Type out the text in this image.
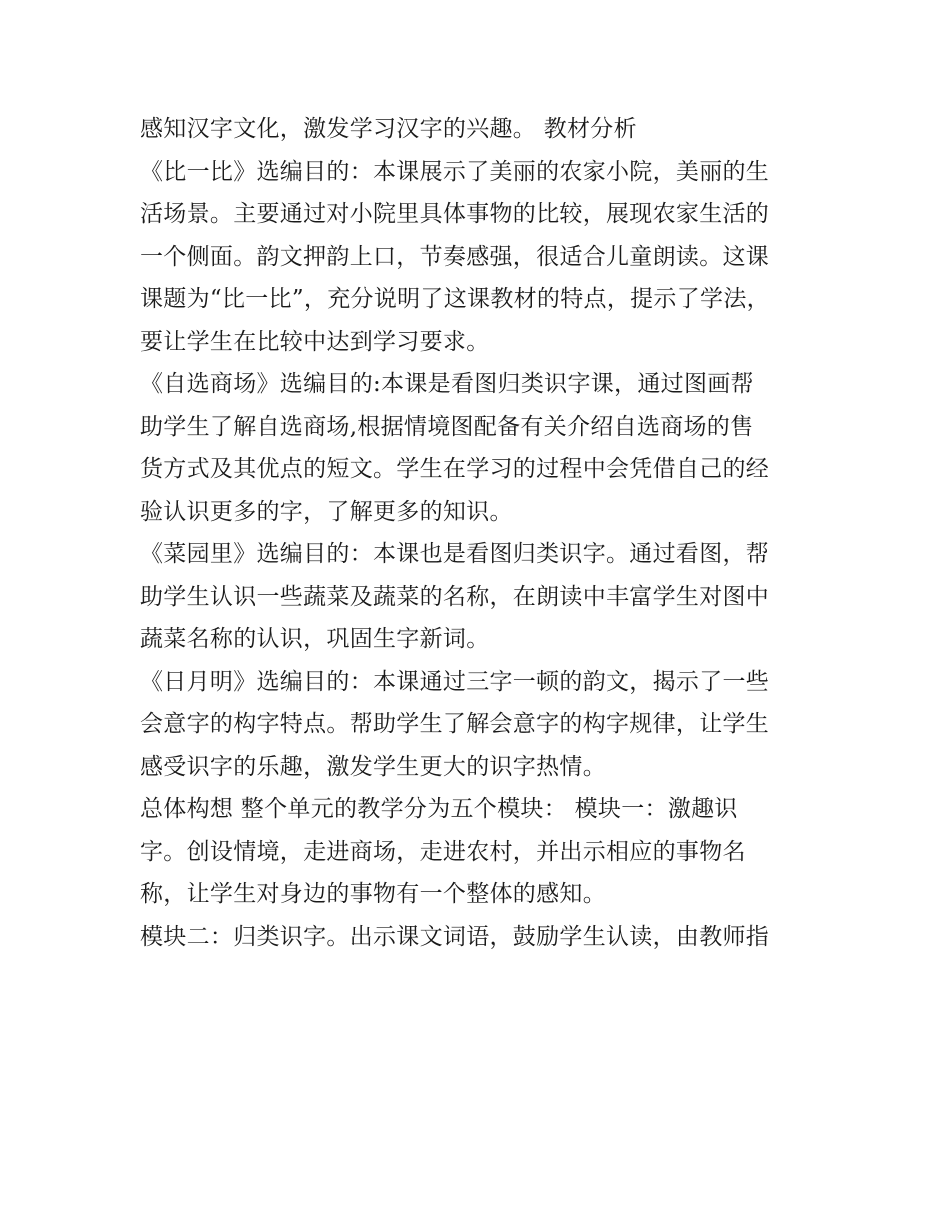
感知汉字文化，激发学习汉字的兴趣。 教材分析
《比一比》选编目的：本课展示了美丽的农家小院，美丽的生
活场景。主要通过对小院里具体事物的比较，展现农家生活的
一个侧面。韵文押韵上口，节奏感强，很适合儿童朗读。这课
课题为“比一比”，充分说明了这课教材的特点，提示了学法，
要让学生在比较中达到学习要求。
《自选商场》选编目的:本课是看图归类识字课，通过图画帮
助学生了解自选商场,根据情境图配备有关介绍自选商场的售
货方式及其优点的短文。学生在学习的过程中会凭借自己的经
验认识更多的字，了解更多的知识。
《菜园里》选编目的：本课也是看图归类识字。通过看图，帮
助学生认识一些蔬菜及蔬菜的名称，在朗读中丰富学生对图中
蔬菜名称的认识，巩固生字新词。
《日月明》选编目的：本课通过三字一顿的韵文，揭示了一些
会意字的构字特点。帮助学生了解会意字的构字规律，让学生
感受识字的乐趣，激发学生更大的识字热情。
总体构想 整个单元的教学分为五个模块： 模块一：激趣识
字。创设情境，走进商场，走进农村，并出示相应的事物名
称，让学生对身边的事物有一个整体的感知。
模块二：归类识字。出示课文词语，鼓励学生认读，由教师指
